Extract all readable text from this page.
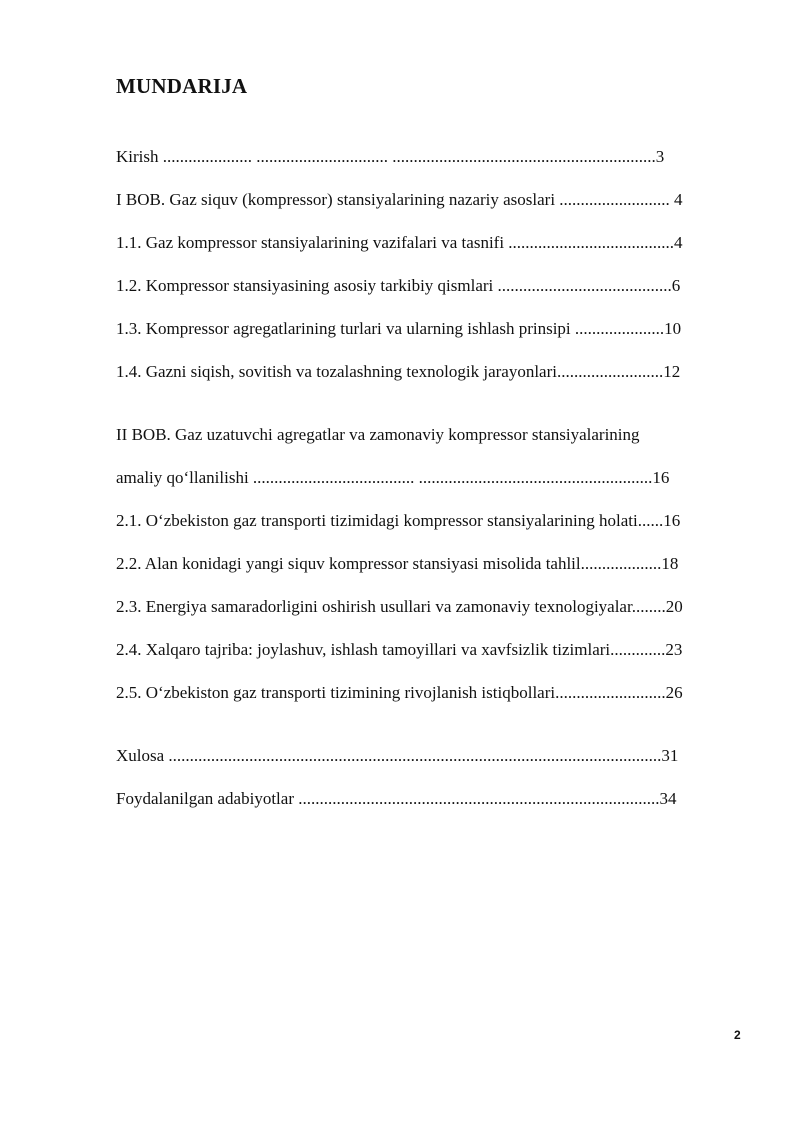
MUNDARIJA
Kirish ..................... ............................... ..............................................................3
I BOB. Gaz siquv (kompressor) stansiyalarining nazariy asoslari .......................... 4
1.1. Gaz kompressor stansiyalarining vazifalari va tasnifi .......................................4
1.2. Kompressor stansiyasining asosiy tarkibiy qismlari .........................................6
1.3. Kompressor agregatlarining turlari va ularning ishlash prinsipi .....................10
1.4. Gazni siqish, sovitish va tozalashning texnologik jarayonlari.........................12
II BOB. Gaz uzatuvchi agregatlar va zamonaviy kompressor stansiyalarining
amaliy qo‘llanilishi ...................................... .......................................................16
2.1. O‘zbekiston gaz transporti tizimidagi kompressor stansiyalarining holati......16
2.2. Alan konidagi yangi siquv kompressor stansiyasi misolida tahlil...................18
2.3. Energiya samaradorligini oshirish usullari va zamonaviy texnologiyalar........20
2.4. Xalqaro tajriba: joylashuv, ishlash tamoyillari va xavfsizlik tizimlari.............23
2.5. O‘zbekiston gaz transporti tizimining rivojlanish istiqbollari..........................26
Xulosa ....................................................................................................................31
Foydalanilgan adabiyotlar .....................................................................................34
2
